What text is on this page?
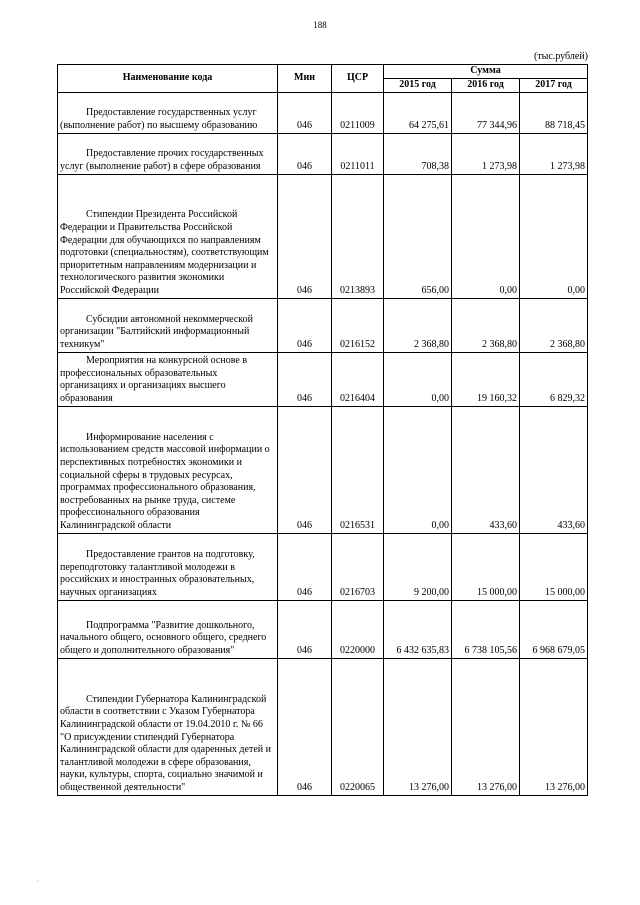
188
(тыс.рублей)
Наименование кода	Мин	ЦСР	Сумма		
			2015 год	2016 год	2017 год

Предоставление государственных услуг (выполнение работ) по высшему образованию	046	0211009	64 275,61	77 344,96	88 718,45

Предоставление прочих государственных услуг (выполнение работ) в сфере образования	046	0211011	708,38	1 273,98	1 273,98

Стипендии Президента Российской Федерации и Правительства Российской Федерации для обучающихся по направлениям подготовки (специальностям), соответствующим приоритетным направлениям модернизации и технологического развития экономики Российской Федерации	046	0213893	656,00	0,00	0,00

Субсидии автономной некоммерческой организации "Балтийский информационный техникум"	046	0216152	2 368,80	2 368,80	2 368,80

Мероприятия на конкурсной основе в профессиональных образовательных организациях и организациях высшего образования	046	0216404	0,00	19 160,32	6 829,32

Информирование населения с использованием средств массовой информации о перспективных потребностях экономики и социальной сферы в трудовых ресурсах, программах профессионального образования, востребованных на рынке труда, системе профессионального образования Калининградской области	046	0216531	0,00	433,60	433,60

Предоставление грантов на подготовку, переподготовку талантливой молодежи в российских и иностранных образовательных, научных организациях	046	0216703	9 200,00	15 000,00	15 000,00

Подпрограмма "Развитие дошкольного, начального общего, основного общего, среднего общего и дополнительного образования"	046	0220000	6 432 635,83	6 738 105,56	6 968 679,05

Стипендии Губернатора Калининградской области в соответствии с Указом Губернатора Калининградской области от 19.04.2010 г. № 66 "О присуждении стипендий Губернатора Калининградской области для одаренных детей и талантливой молодежи в сфере образования, науки, культуры, спорта, социально значимой и общественной деятельности"	046	0220065	13 276,00	13 276,00	13 276,00
·
